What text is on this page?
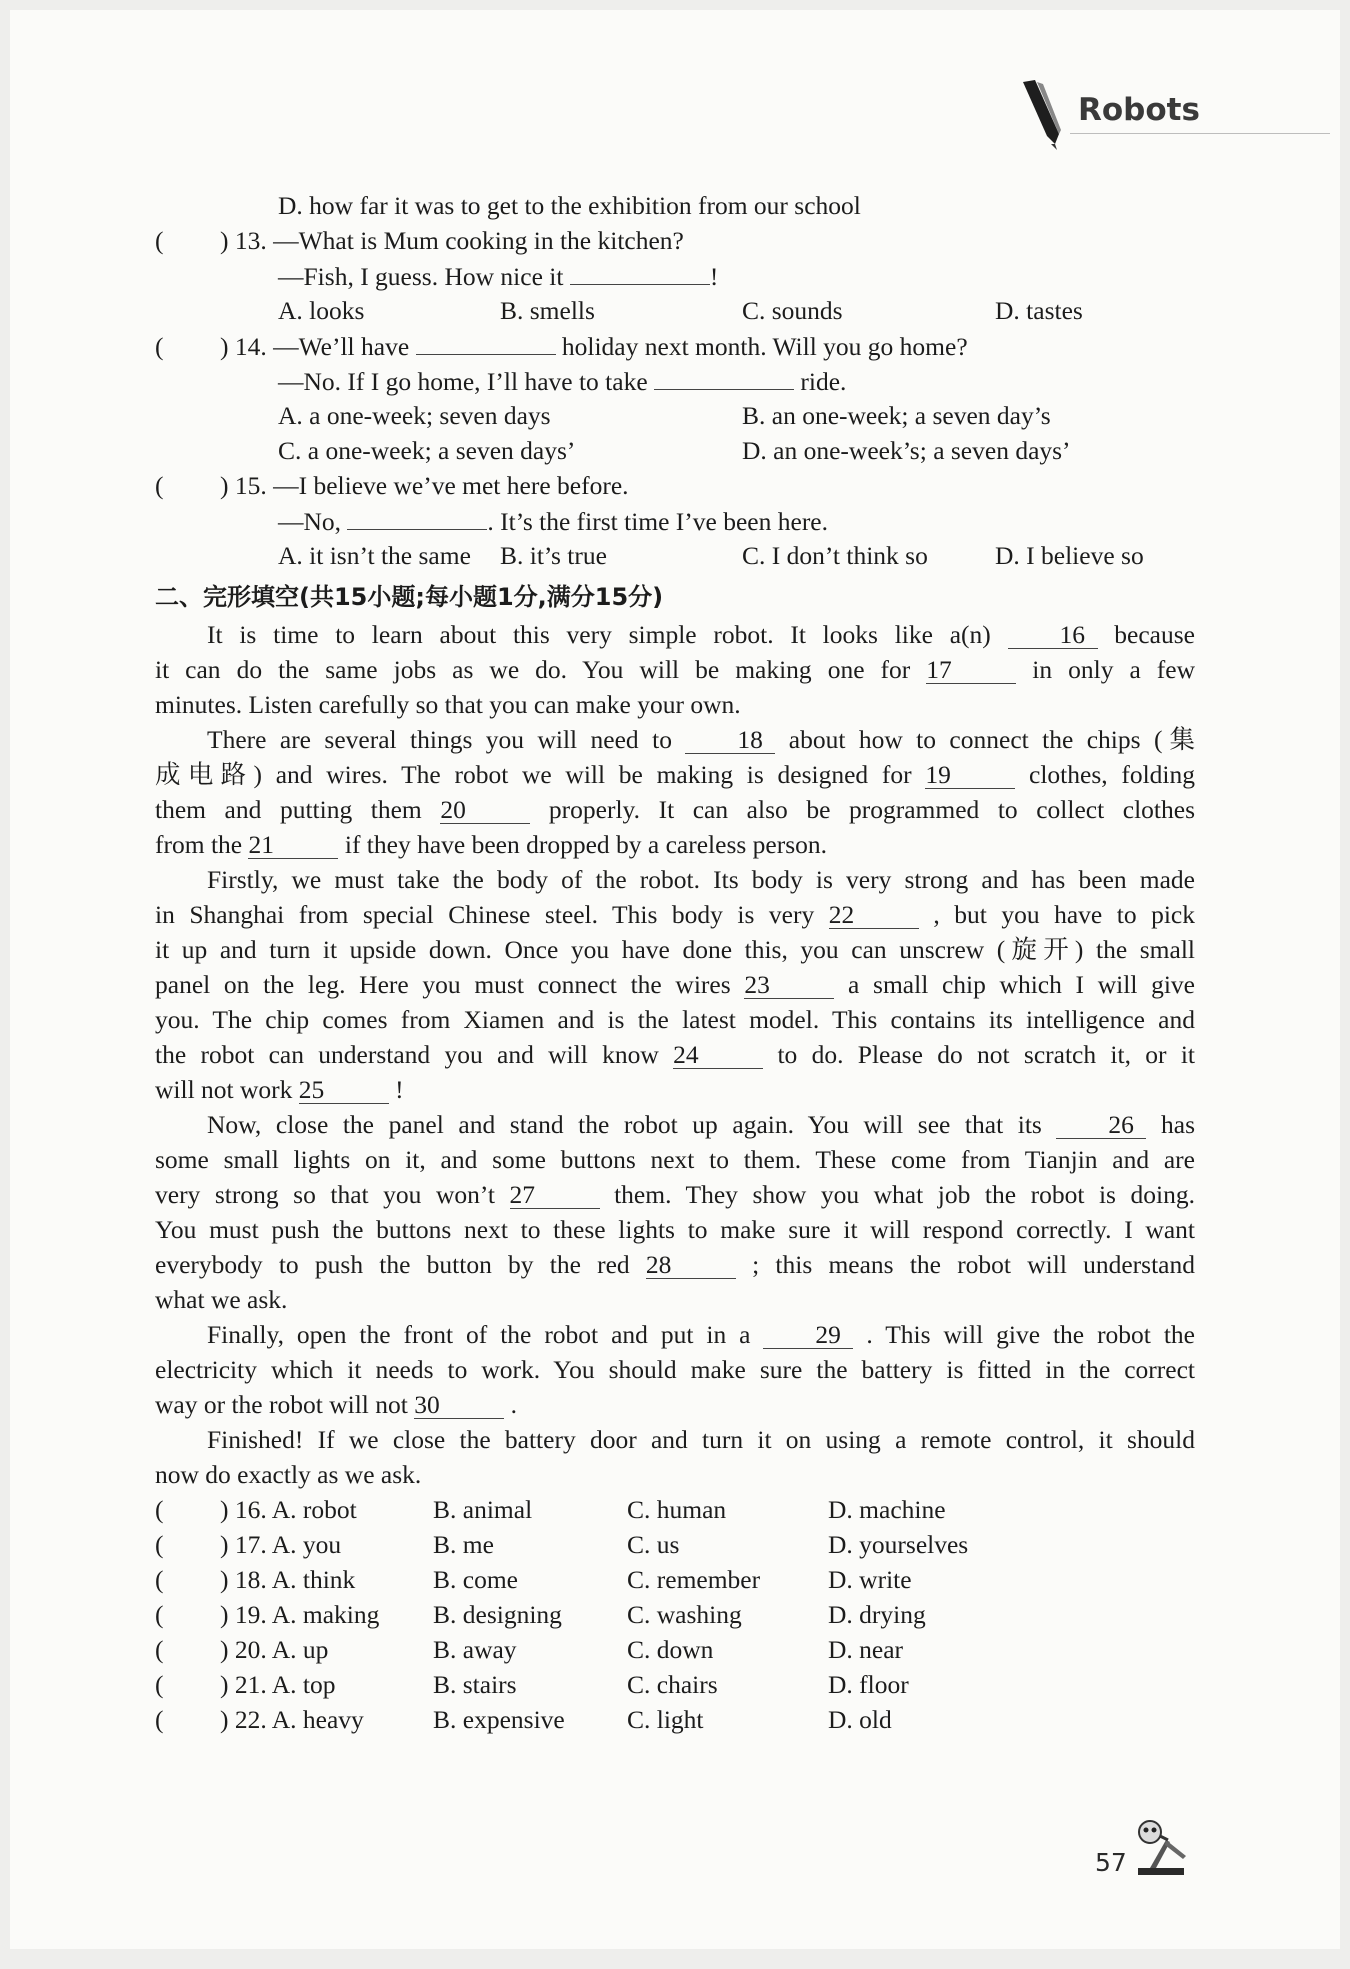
Robots
D. how far it was to get to the exhibition from our school
( ) 13. —What is Mum cooking in the kitchen?
—Fish, I guess. How nice it	!
A. looks	B. smells	C. sounds	D. tastes
( ) 14. —We’ll have	holiday next month. Will you go home?
—No. If I go home, I’ll have to take	ride.
A. a one-week; seven days	B. an one-week; a seven day’s
C. a one-week; a seven days’	D. an one-week’s; a seven days’
( ) 15. —I believe we’ve met here before.
—No,	. It’s the first time I’ve been here.
A. it isn’t the same B. it’s true	C. I don’t think so	D. I believe so
二、完形填空(共15小题;每小题1分,满分15分)
It is time to learn about this very simple robot. It looks like a(n) 16 because
it can do the same jobs as we do. You will be making one for 17	in only a few
minutes. Listen carefully so that you can make your own.
There are several things you will need to 18 about how to connect the chips (集
成电路) and wires. The robot we will be making is designed for 19	clothes, folding
them and putting them 20	properly. It can also be programmed to collect clothes
from the 21	if they have been dropped by a careless person.
Firstly, we must take the body of the robot. Its body is very strong and has been made
in Shanghai from special Chinese steel. This body is very 22	, but you have to pick
it up and turn it upside down. Once you have done this, you can unscrew (旋开) the small
panel on the leg. Here you must connect the wires 23	a small chip which I will give
you. The chip comes from Xiamen and is the latest model. This contains its intelligence and
the robot can understand you and will know 24	to do. Please do not scratch it, or it
will not work 25	!
Now, close the panel and stand the robot up again. You will see that its 26 has
some small lights on it, and some buttons next to them. These come from Tianjin and are
very strong so that you won’t 27	them. They show you what job the robot is doing.
You must push the buttons next to these lights to make sure it will respond correctly. I want
everybody to push the button by the red 28	; this means the robot will understand
what we ask.
Finally, open the front of the robot and put in a 29 . This will give the robot the
electricity which it needs to work. You should make sure the battery is fitted in the correct
way or the robot will not 30	.
Finished! If we close the battery door and turn it on using a remote control, it should
now do exactly as we ask.
( ) 16. A. robot	B. animal	C. human	D. machine
( ) 17. A. you	B. me	C. us	D. yourselves
( ) 18. A. think	B. come	C. remember	D. write
( ) 19. A. making B. designing	C. washing	D. drying
( ) 20. A. up	B. away	C. down	D. near
( ) 21. A. top	B. stairs	C. chairs	D. floor
( ) 22. A. heavy	B. expensive C. light	D. old
57
